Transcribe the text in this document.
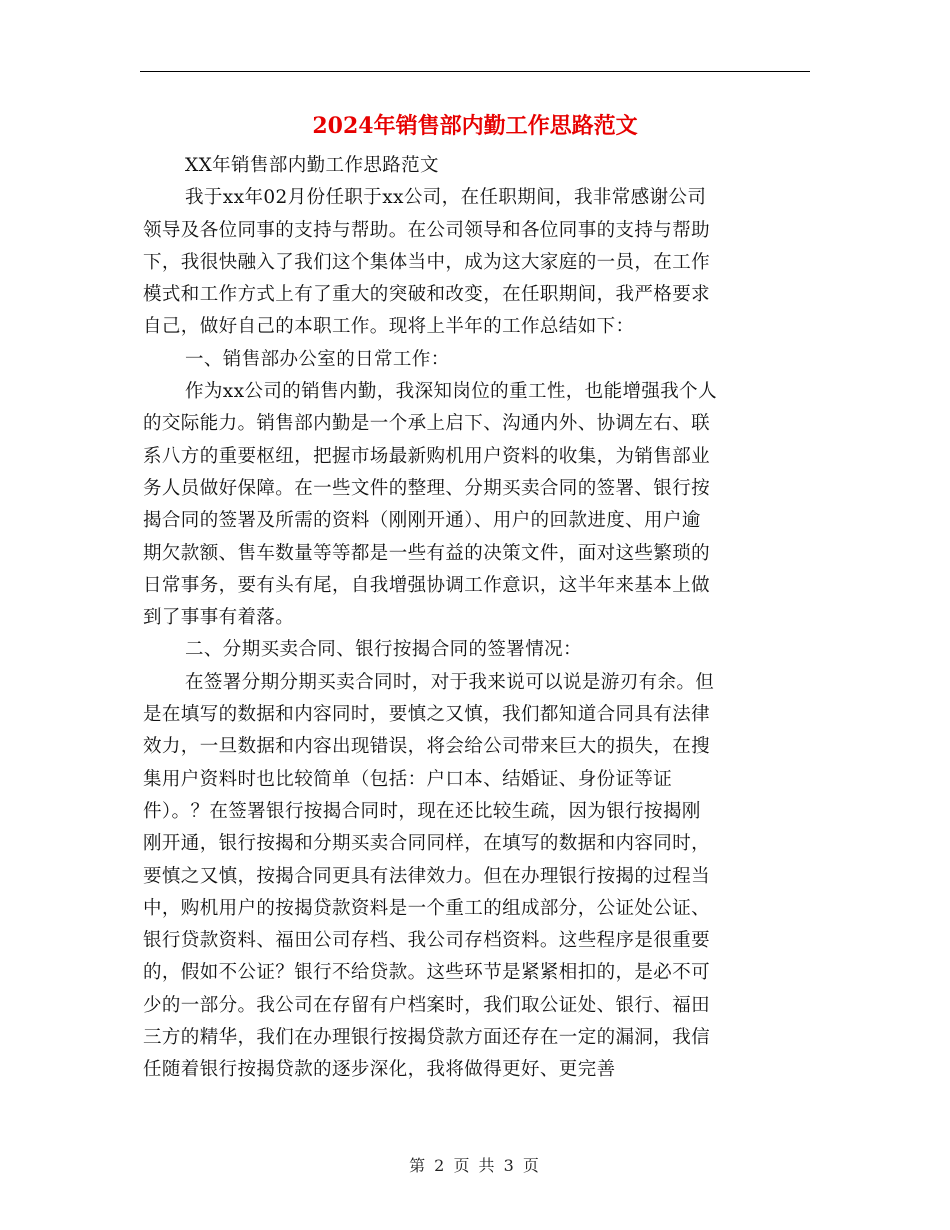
2024年销售部内勤工作思路范文
XX年销售部内勤工作思路范文
我于xx年02月份任职于xx公司，在任职期间，我非常感谢公司
领导及各位同事的支持与帮助。在公司领导和各位同事的支持与帮助
下，我很快融入了我们这个集体当中，成为这大家庭的一员，在工作
模式和工作方式上有了重大的突破和改变，在任职期间，我严格要求
自己，做好自己的本职工作。现将上半年的工作总结如下：
一、销售部办公室的日常工作：
作为xx公司的销售内勤，我深知岗位的重工性，也能增强我个人
的交际能力。销售部内勤是一个承上启下、沟通内外、协调左右、联
系八方的重要枢纽，把握市场最新购机用户资料的收集，为销售部业
务人员做好保障。在一些文件的整理、分期买卖合同的签署、银行按
揭合同的签署及所需的资料（刚刚开通）、用户的回款进度、用户逾
期欠款额、售车数量等等都是一些有益的决策文件，面对这些繁琐的
日常事务，要有头有尾，自我增强协调工作意识，这半年来基本上做
到了事事有着落。
二、分期买卖合同、银行按揭合同的签署情况：
在签署分期分期买卖合同时，对于我来说可以说是游刃有余。但
是在填写的数据和内容同时，要慎之又慎，我们都知道合同具有法律
效力，一旦数据和内容出现错误，将会给公司带来巨大的损失，在搜
集用户资料时也比较简单（包括：户口本、结婚证、身份证等证
件）。？在签署银行按揭合同时，现在还比较生疏，因为银行按揭刚
刚开通，银行按揭和分期买卖合同同样，在填写的数据和内容同时，
要慎之又慎，按揭合同更具有法律效力。但在办理银行按揭的过程当
中，购机用户的按揭贷款资料是一个重工的组成部分，公证处公证、
银行贷款资料、福田公司存档、我公司存档资料。这些程序是很重要
的，假如不公证？银行不给贷款。这些环节是紧紧相扣的，是必不可
少的一部分。我公司在存留有户档案时，我们取公证处、银行、福田
三方的精华，我们在办理银行按揭贷款方面还存在一定的漏洞，我信
任随着银行按揭贷款的逐步深化，我将做得更好、更完善
第 2 页 共 3 页
